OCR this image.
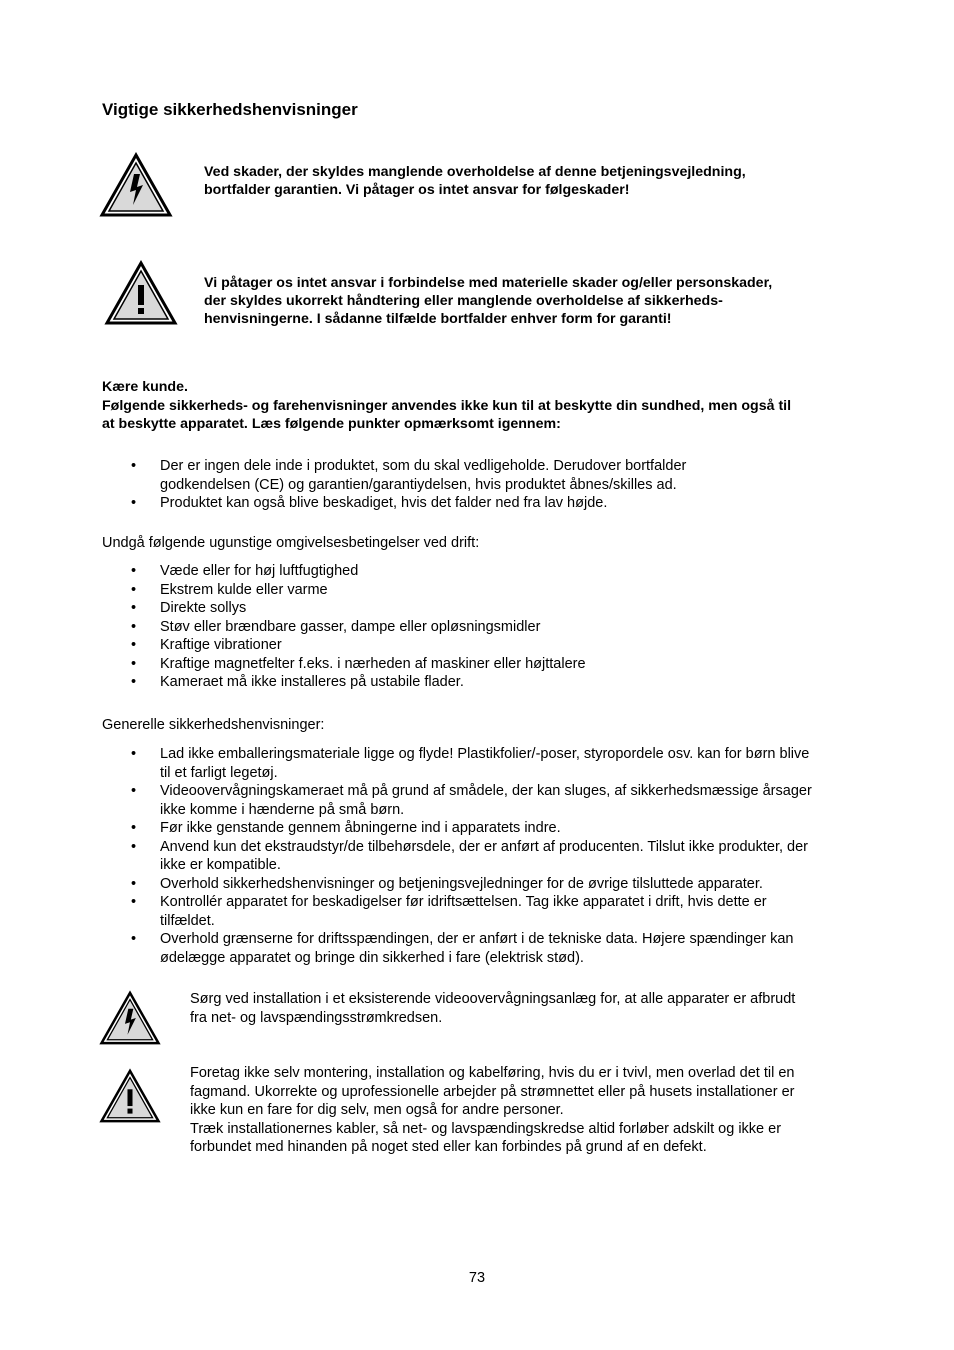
Vigtige sikkerhedshenvisninger
Ved skader, der skyldes manglende overholdelse af denne betjeningsvejledning,
bortfalder garantien. Vi påtager os intet ansvar for følgeskader!
Vi påtager os intet ansvar i forbindelse med materielle skader og/eller personskader,
der skyldes ukorrekt håndtering eller manglende overholdelse af sikkerheds-
henvisningerne. I sådanne tilfælde bortfalder enhver form for garanti!
Kære kunde.
Følgende sikkerheds- og farehenvisninger anvendes ikke kun til at beskytte din sundhed, men også til
at beskytte apparatet. Læs følgende punkter opmærksomt igennem:
• Der er ingen dele inde i produktet, som du skal vedligeholde. Derudover bortfalder
godkendelsen (CE) og garantien/garantiydelsen, hvis produktet åbnes/skilles ad.
• Produktet kan også blive beskadiget, hvis det falder ned fra lav højde.
Undgå følgende ugunstige omgivelsesbetingelser ved drift:
• Væde eller for høj luftfugtighed
• Ekstrem kulde eller varme
• Direkte sollys
• Støv eller brændbare gasser, dampe eller opløsningsmidler
• Kraftige vibrationer
• Kraftige magnetfelter f.eks. i nærheden af maskiner eller højttalere
• Kameraet må ikke installeres på ustabile flader.
Generelle sikkerhedshenvisninger:
• Lad ikke emballeringsmateriale ligge og flyde! Plastikfolier/-poser, styropordele osv. kan for børn blive
til et farligt legetøj.
• Videoovervågningskameraet må på grund af smådele, der kan sluges, af sikkerhedsmæssige årsager
ikke komme i hænderne på små børn.
• Før ikke genstande gennem åbningerne ind i apparatets indre.
• Anvend kun det ekstraudstyr/de tilbehørsdele, der er anført af producenten. Tilslut ikke produkter, der
ikke er kompatible.
• Overhold sikkerhedshenvisninger og betjeningsvejledninger for de øvrige tilsluttede apparater.
• Kontrollér apparatet for beskadigelser før idriftsættelsen. Tag ikke apparatet i drift, hvis dette er
tilfældet.
• Overhold grænserne for driftsspændingen, der er anført i de tekniske data. Højere spændinger kan
ødelægge apparatet og bringe din sikkerhed i fare (elektrisk stød).
Sørg ved installation i et eksisterende videoovervågningsanlæg for, at alle apparater er afbrudt
fra net- og lavspændingsstrømkredsen.
Foretag ikke selv montering, installation og kabelføring, hvis du er i tvivl, men overlad det til en
fagmand. Ukorrekte og uprofessionelle arbejder på strømnettet eller på husets installationer er
ikke kun en fare for dig selv, men også for andre personer.
Træk installationernes kabler, så net- og lavspændingskredse altid forløber adskilt og ikke er
forbundet med hinanden på noget sted eller kan forbindes på grund af en defekt.
73
